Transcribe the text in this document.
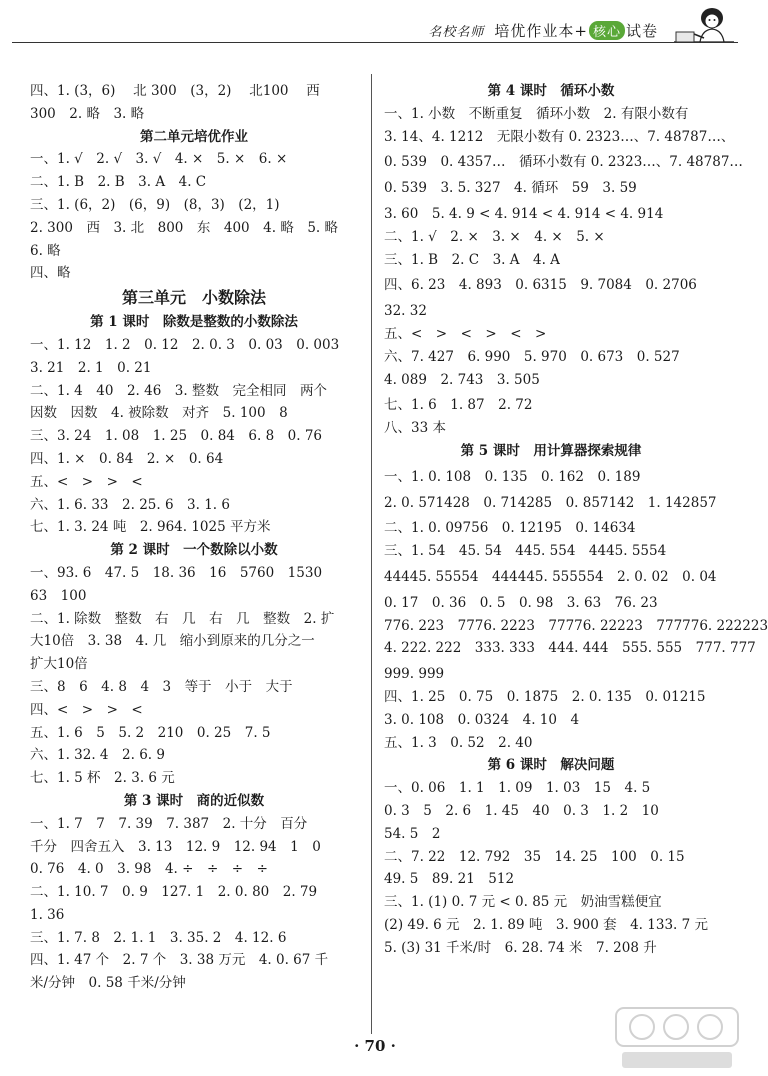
名校名师 培优作业本+ 核心 试卷
四、1. (3，6)　 北 300　(3，2)　 北100　 西
300　2. 略　3. 略
第二单元培优作业
一、1. √　2. √　3. √　4. ×　5. ×　6. ×
二、1. B　2. B　3. A　4. C
三、1. (6，2)　(6，9)　(8，3)　(2，1)
2. 300　西　3. 北　800　东　400　4. 略　5. 略
6. 略
四、略
第三单元　小数除法
第 1 课时　除数是整数的小数除法
一、1. 12　1. 2　0. 12　2. 0. 3　0. 03　0. 003
3. 21　2. 1　0. 21
二、1. 4　40　2. 46　3. 整数　完全相同　两个
因数　因数　4. 被除数　对齐　5. 100　8
三、3. 24　1. 08　1. 25　0. 84　6. 8　0. 76
四、1. ×　0. 84　2. ×　0. 64
五、<　>　>　<
六、1. 6. 33　2. 25. 6　3. 1. 6
七、1. 3. 24 吨　2. 964. 1025 平方米
第 2 课时　一个数除以小数
一、93. 6　47. 5　18. 36　16　5760　1530
63　100
二、1. 除数　整数　右　几　右　几　整数　2. 扩
大10倍　3. 38　4. 几　缩小到原来的几分之一
扩大10倍
三、8　6　4. 8　4　3　等于　小于　大于
四、<　>　>　<
五、1. 6　5　5. 2　210　0. 25　7. 5
六、1. 32. 4　2. 6. 9
七、1. 5 杯　2. 3. 6 元
第 3 课时　商的近似数
一、1. 7　7　7. 39　7. 387　2. 十分　百分
千分　四舍五入　3. 13　12. 9　12. 94　1　0
0. 76　4. 0　3. 98　4. ÷　÷　÷　÷
二、1. 10. 7　0. 9　127. 1　2. 0. 80　2. 79
1. 36
三、1. 7. 8　2. 1. 1　3. 35. 2　4. 12. 6
四、1. 47 个　2. 7 个　3. 38 万元　4. 0. 67 千
米/分钟　0. 58 千米/分钟
第 4 课时　循环小数
一、1. 小数　不断重复　循环小数　2. 有限小数有
3. 14、4. 1212　无限小数有 0. 2323…、7. 48787…、
0. 539　0. 4357…　循环小数有 0. 2323…、7. 48787…
0. 539　3. 5. 327　4. 循环　59　3. 59
3. 60　5. 4. 9 < 4. 914 < 4. 914 < 4. 914
二、1. √　2. ×　3. ×　4. ×　5. ×
三、1. B　2. C　3. A　4. A
四、6. 23　4. 893　0. 6315　9. 7084　0. 2706
32. 32
五、<　>　<　>　<　>
六、7. 427　6. 990　5. 970　0. 673　0. 527
4. 089　2. 743　3. 505
七、1. 6　1. 87　2. 72
八、33 本
第 5 课时　用计算器探索规律
一、1. 0. 108　0. 135　0. 162　0. 189
2. 0. 571428　0. 714285　0. 857142　1. 142857
二、1. 0. 09756　0. 12195　0. 14634
三、1. 54　45. 54　445. 554　4445. 5554
44445. 55554　444445. 555554　2. 0. 02　0. 04
0. 17　0. 36　0. 5　0. 98　3. 63　76. 23
776. 223　7776. 2223　77776. 22223　777776. 222223
4. 222. 222　333. 333　444. 444　555. 555　777. 777
999. 999
四、1. 25　0. 75　0. 1875　2. 0. 135　0. 01215
3. 0. 108　0. 0324　4. 10　4
五、1. 3　0. 52　2. 40
第 6 课时　解决问题
一、0. 06　1. 1　1. 09　1. 03　15　4. 5
0. 3　5　2. 6　1. 45　40　0. 3　1. 2　10
54. 5　2
二、7. 22　12. 792　35　14. 25　100　0. 15
49. 5　89. 21　512
三、1. (1) 0. 7 元 < 0. 85 元　奶油雪糕便宜
(2) 49. 6 元　2. 1. 89 吨　3. 900 套　4. 133. 7 元
5. (3) 31 千米/时　6. 28. 74 米　7. 208 升
· 70 ·
